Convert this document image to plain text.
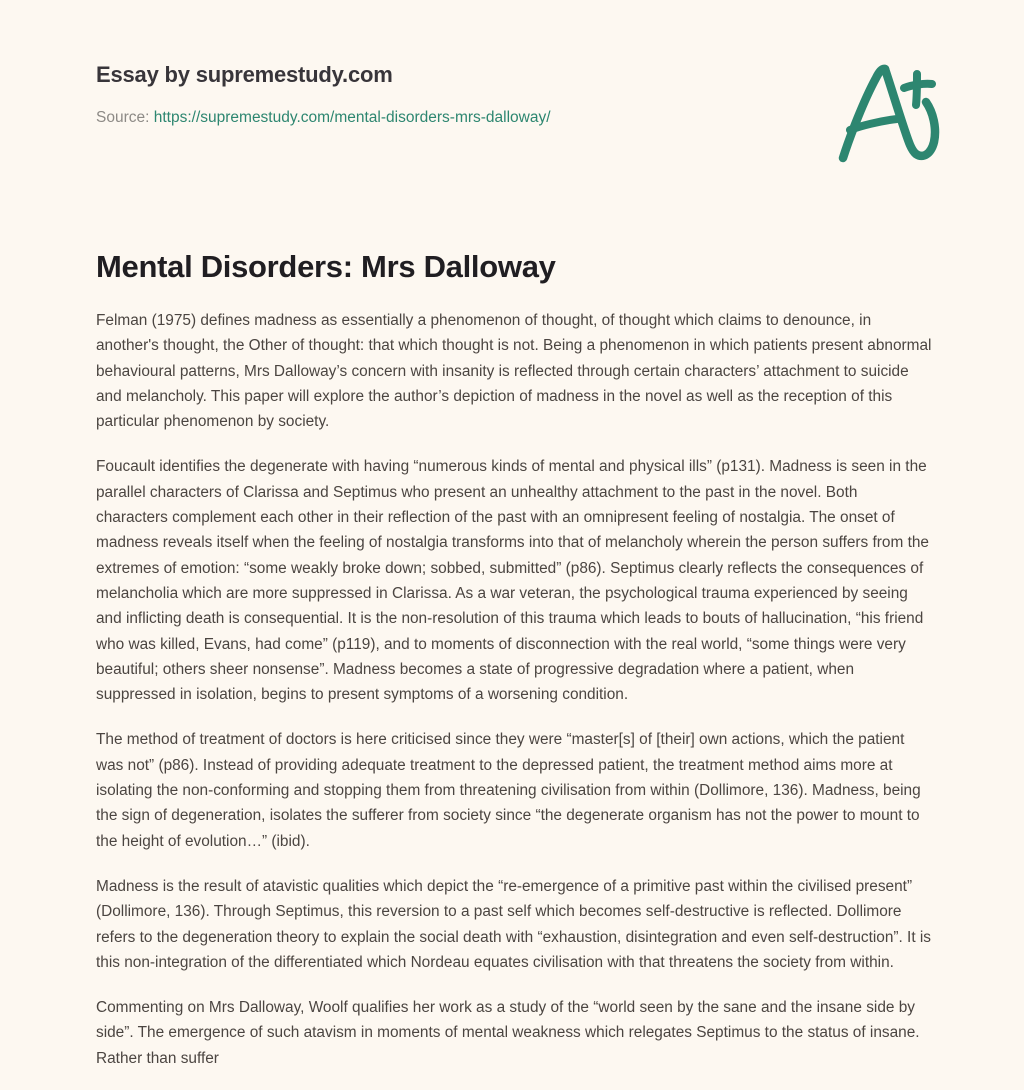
Essay by supremestudy.com
Source: https://supremestudy.com/mental-disorders-mrs-dalloway/
Mental Disorders: Mrs Dalloway

Felman (1975) defines madness as essentially a phenomenon of thought, of thought which claims to denounce, in another's thought, the Other of thought: that which thought is not. Being a phenomenon in which patients present abnormal behavioural patterns, Mrs Dalloway’s concern with insanity is reflected through certain characters’ attachment to suicide and melancholy. This paper will explore the author’s depiction of madness in the novel as well as the reception of this particular phenomenon by society.

Foucault identifies the degenerate with having “numerous kinds of mental and physical ills” (p131). Madness is seen in the parallel characters of Clarissa and Septimus who present an unhealthy attachment to the past in the novel. Both characters complement each other in their reflection of the past with an omnipresent feeling of nostalgia. The onset of madness reveals itself when the feeling of nostalgia transforms into that of melancholy wherein the person suffers from the extremes of emotion: “some weakly broke down; sobbed, submitted” (p86). Septimus clearly reflects the consequences of melancholia which are more suppressed in Clarissa. As a war veteran, the psychological trauma experienced by seeing and inflicting death is consequential. It is the non-resolution of this trauma which leads to bouts of hallucination, “his friend who was killed, Evans, had come” (p119), and to moments of disconnection with the real world, “some things were very beautiful; others sheer nonsense”. Madness becomes a state of progressive degradation where a patient, when suppressed in isolation, begins to present symptoms of a worsening condition.

The method of treatment of doctors is here criticised since they were “master[s] of [their] own actions, which the patient was not” (p86). Instead of providing adequate treatment to the depressed patient, the treatment method aims more at isolating the non-conforming and stopping them from threatening civilisation from within (Dollimore, 136). Madness, being the sign of degeneration, isolates the sufferer from society since “the degenerate organism has not the power to mount to the height of evolution…” (ibid).

Madness is the result of atavistic qualities which depict the “re-emergence of a primitive past within the civilised present” (Dollimore, 136). Through Septimus, this reversion to a past self which becomes self-destructive is reflected. Dollimore refers to the degeneration theory to explain the social death with “exhaustion, disintegration and even self-destruction”. It is this non-integration of the differentiated which Nordeau equates civilisation with that threatens the society from within.

Commenting on Mrs Dalloway, Woolf qualifies her work as a study of the “world seen by the sane and the insane side by side”. The emergence of such atavism in moments of mental weakness which relegates Septimus to the status of insane. Rather than suffer
